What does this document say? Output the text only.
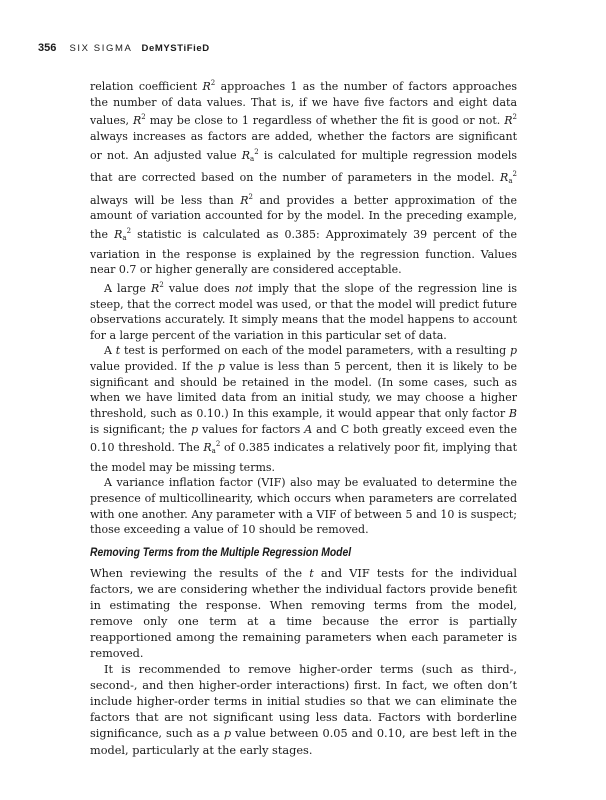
356 SIX SIGMA DeMYSTiFieD

relation coefficient $R^2$ approaches 1 as the number of factors approaches the number of data values. That is, if we have five factors and eight data values, $R^2$ may be close to 1 regardless of whether the fit is good or not. $R^2$ always increases as factors are added, whether the factors are significant or not. An adjusted value $R_a^2$ is calculated for multiple regression models that are corrected based on the number of parameters in the model. $R_a^2$ always will be less than $R^2$ and provides a better approximation of the amount of variation accounted for by the model. In the preceding example, the $R_a^2$ statistic is calculated as 0.385: Approximately 39 percent of the variation in the response is explained by the regression function. Values near 0.7 or higher generally are considered acceptable.

A large $R^2$ value does not imply that the slope of the regression line is steep, that the correct model was used, or that the model will predict future observations accurately. It simply means that the model happens to account for a large percent of the variation in this particular set of data.

A t test is performed on each of the model parameters, with a resulting p value provided. If the p value is less than 5 percent, then it is likely to be significant and should be retained in the model. (In some cases, such as when we have limited data from an initial study, we may choose a higher threshold, such as 0.10.) In this example, it would appear that only factor B is significant; the p values for factors A and C both greatly exceed even the 0.10 threshold. The $R_a^2$ of 0.385 indicates a relatively poor fit, implying that the model may be missing terms.

A variance inflation factor (VIF) also may be evaluated to determine the presence of multicollinearity, which occurs when parameters are correlated with one another. Any parameter with a VIF of between 5 and 10 is suspect; those exceeding a value of 10 should be removed.

Removing Terms from the Multiple Regression Model

When reviewing the results of the t and VIF tests for the individual factors, we are considering whether the individual factors provide benefit in estimating the response. When removing terms from the model, remove only one term at a time because the error is partially reapportioned among the remaining parameters when each parameter is removed.

It is recommended to remove higher-order terms (such as third-, second-, and then higher-order interactions) first. In fact, we often don’t include higher-order terms in initial studies so that we can eliminate the factors that are not significant using less data. Factors with borderline significance, such as a p value between 0.05 and 0.10, are best left in the model, particularly at the early stages.
